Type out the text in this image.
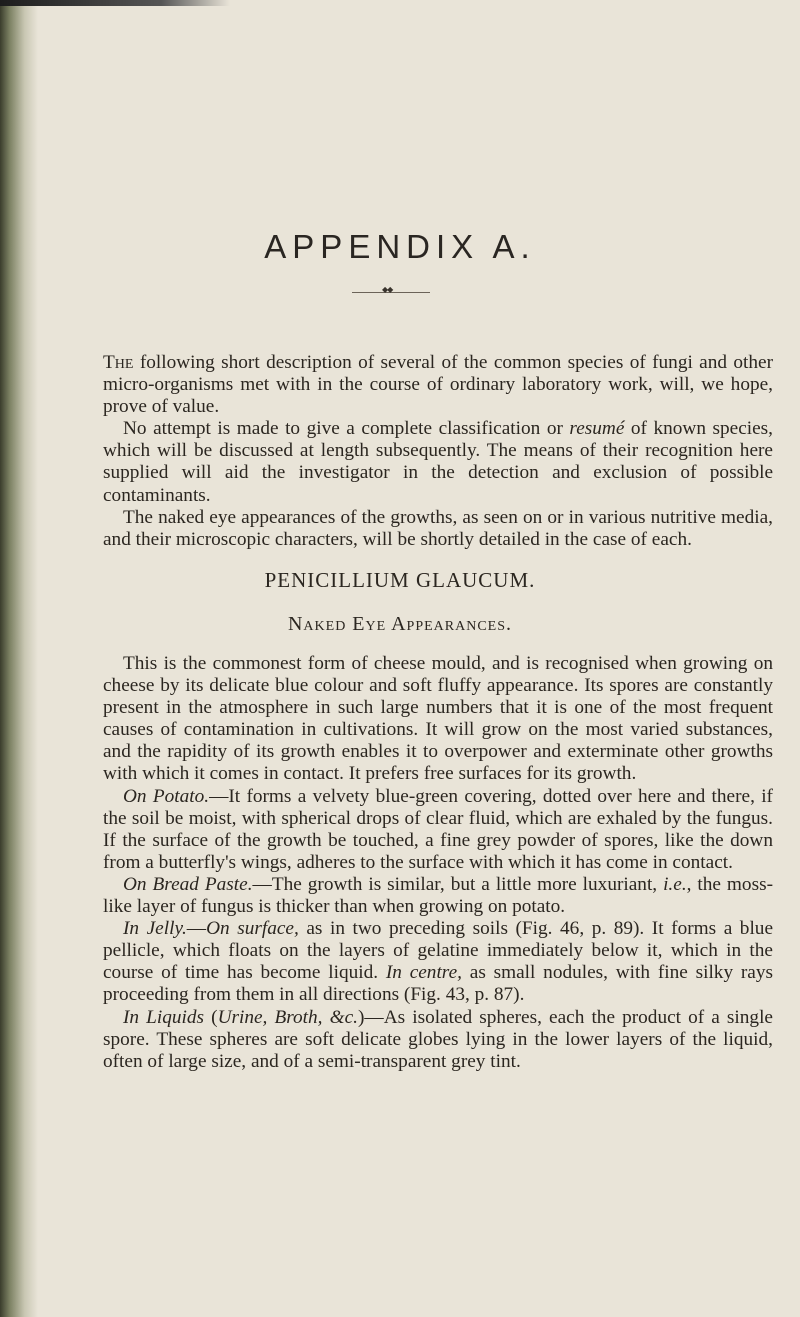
APPENDIX A.
◆◆

The following short description of several of the common species of fungi and other micro-organisms met with in the course of ordinary laboratory work, will, we hope, prove of value.

No attempt is made to give a complete classification or resumé of known species, which will be discussed at length subsequently. The means of their recognition here supplied will aid the investigator in the detection and exclusion of possible contaminants.

The naked eye appearances of the growths, as seen on or in various nutritive media, and their microscopic characters, will be shortly detailed in the case of each.

PENICILLIUM GLAUCUM.
Naked Eye Appearances.

This is the commonest form of cheese mould, and is recognised when growing on cheese by its delicate blue colour and soft fluffy appearance. Its spores are constantly present in the atmosphere in such large numbers that it is one of the most frequent causes of contamination in cultivations. It will grow on the most varied substances, and the rapidity of its growth enables it to overpower and exterminate other growths with which it comes in contact. It prefers free surfaces for its growth.

On Potato.—It forms a velvety blue-green covering, dotted over here and there, if the soil be moist, with spherical drops of clear fluid, which are exhaled by the fungus. If the surface of the growth be touched, a fine grey powder of spores, like the down from a butterfly's wings, adheres to the surface with which it has come in contact.

On Bread Paste.—The growth is similar, but a little more luxuriant, i.e., the moss-like layer of fungus is thicker than when growing on potato.

In Jelly.—On surface, as in two preceding soils (Fig. 46, p. 89). It forms a blue pellicle, which floats on the layers of gelatine immediately below it, which in the course of time has become liquid. In centre, as small nodules, with fine silky rays proceeding from them in all directions (Fig. 43, p. 87).

In Liquids (Urine, Broth, &c.)—As isolated spheres, each the product of a single spore. These spheres are soft delicate globes lying in the lower layers of the liquid, often of large size, and of a semi-transparent grey tint.
